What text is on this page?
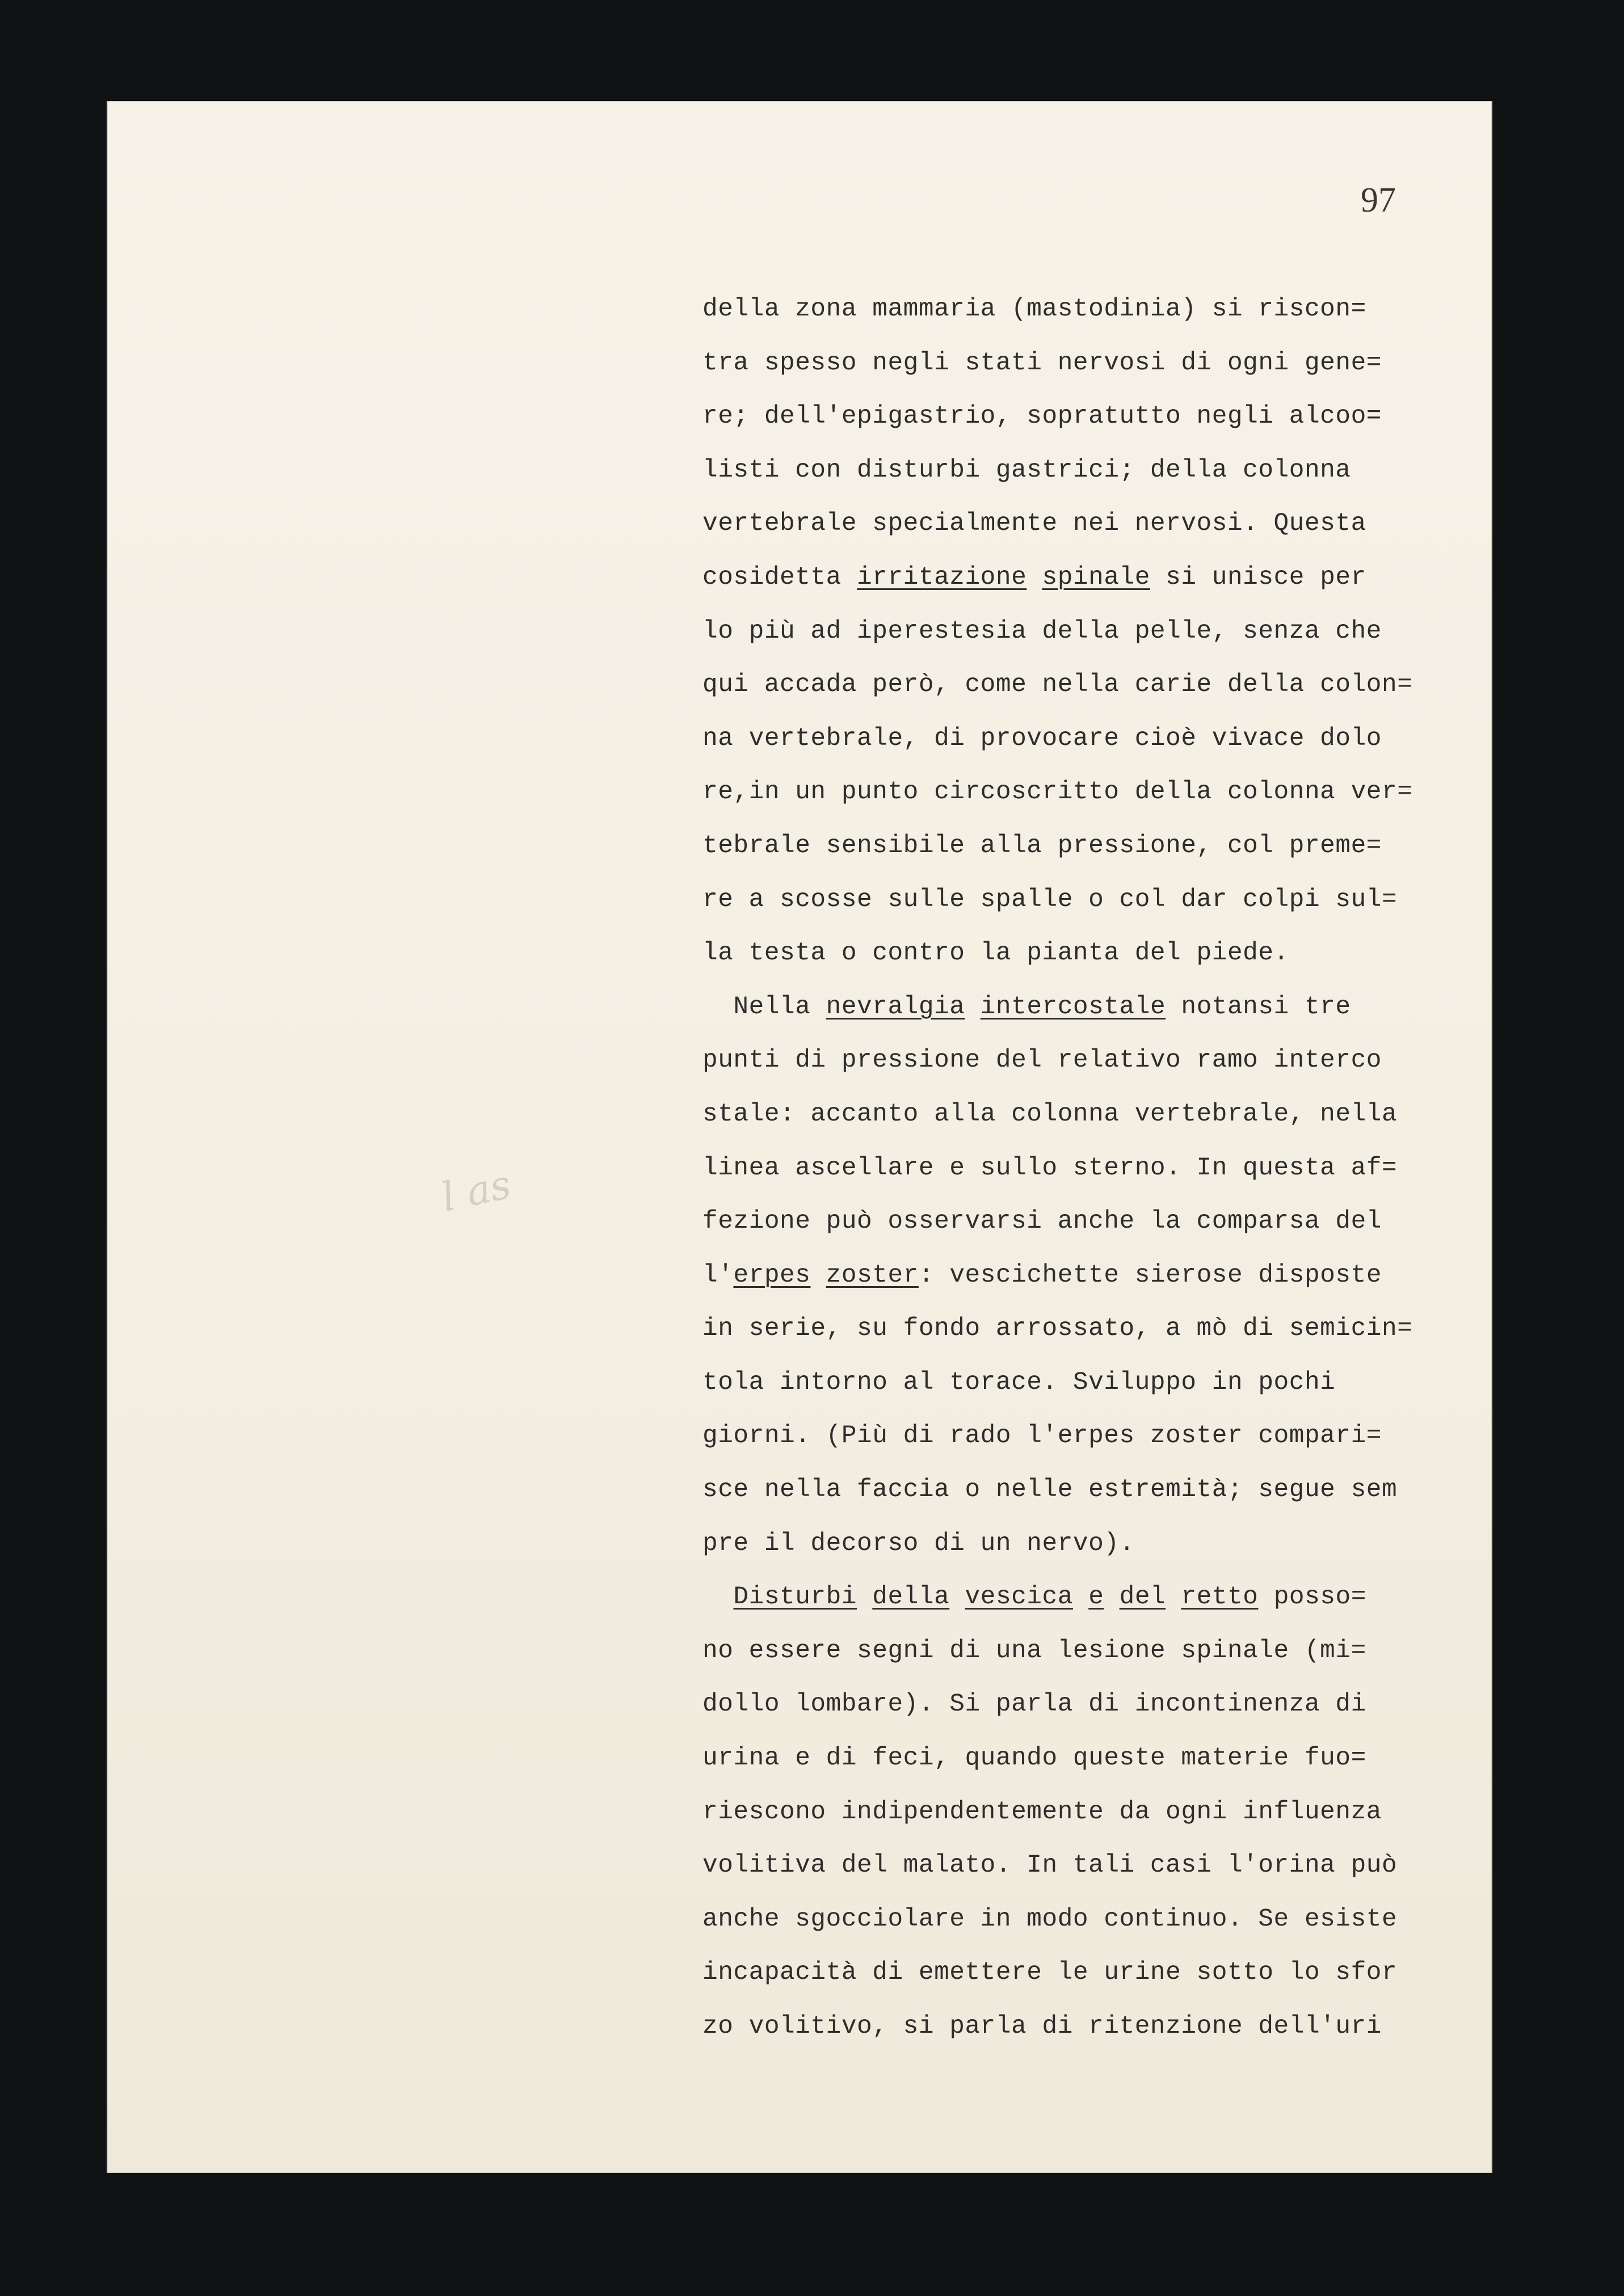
97
l as
della zona mammaria (mastodinia) si riscon=
tra spesso negli stati nervosi di ogni gene=
re; dell'epigastrio, sopratutto negli alcoo=
listi con disturbi gastrici; della colonna
vertebrale specialmente nei nervosi. Questa
cosidetta irritazione spinale si unisce per
lo più ad iperestesia della pelle, senza che
qui accada però, come nella carie della colon=
na vertebrale, di provocare cioè vivace dolo
re,in un punto circoscritto della colonna ver=
tebrale sensibile alla pressione, col preme=
re a scosse sulle spalle o col dar colpi sul=
la testa o contro la pianta del piede.
Nella nevralgia intercostale notansi tre
punti di pressione del relativo ramo interco
stale: accanto alla colonna vertebrale, nella
linea ascellare e sullo sterno. In questa af=
fezione può osservarsi anche la comparsa del
l'erpes zoster: vescichette sierose disposte
in serie, su fondo arrossato, a mò di semicin=
tola intorno al torace. Sviluppo in pochi
giorni. (Più di rado l'erpes zoster compari=
sce nella faccia o nelle estremità; segue sem
pre il decorso di un nervo).
Disturbi della vescica e del retto posso=
no essere segni di una lesione spinale (mi=
dollo lombare). Si parla di incontinenza di
urina e di feci, quando queste materie fuo=
riescono indipendentemente da ogni influenza
volitiva del malato. In tali casi l'orina può
anche sgocciolare in modo continuo. Se esiste
incapacità di emettere le urine sotto lo sfor
zo volitivo, si parla di ritenzione dell'uri
